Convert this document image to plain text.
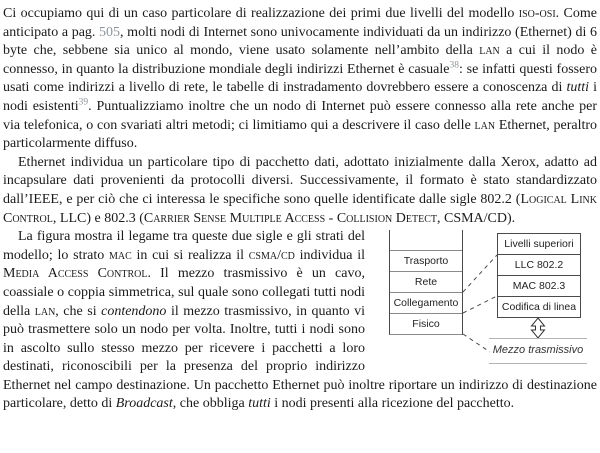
Ci occupiamo qui di un caso particolare di realizzazione dei primi due livelli del modello iso-osi. Come anticipato a pag. 505, molti nodi di Internet sono univocamente individuati da un indirizzo (Ethernet) di 6 byte che, sebbene sia unico al mondo, viene usato solamente nell’ambito della lan a cui il nodo è connesso, in quanto la distribuzione mondiale degli indirizzi Ethernet è casuale$^{38}$: se infatti questi fossero usati come indirizzi a livello di rete, le tabelle di instradamento dovrebbero essere a conoscenza di tutti i nodi esistenti$^{39}$. Puntualizziamo inoltre che un nodo di Internet può essere connesso alla rete anche per via telefonica, o con svariati altri metodi; ci limitiamo qui a descrivere il caso delle lan Ethernet, peraltro particolarmente diffuso.

Ethernet individua un particolare tipo di pacchetto dati, adottato inizialmente dalla Xerox, adatto ad incapsulare dati provenienti da protocolli diversi. Successivamente, il formato è stato standardizzato dall’IEEE, e per ciò che ci interessa le specifiche sono quelle identificate dalle sigle 802.2 (Logical Link Control, LLC) e 802.3 (Carrier Sense Multiple Access - Collision Detect, CSMA/CD).

Trasporto
Rete
Collegamento
Fisico
Livelli superiori
LLC 802.2
MAC 802.3
Codifica di linea
Mezzo trasmissivo

La figura mostra il legame tra queste due sigle e gli strati del modello; lo strato mac in cui si realizza il csma/cd individua il Media Access Control. Il mezzo trasmissivo è un cavo, coassiale o coppia simmetrica, sul quale sono collegati tutti nodi della lan, che si contendono il mezzo trasmissivo, in quanto vi può trasmettere solo un nodo per volta. Inoltre, tutti i nodi sono in ascolto sullo stesso mezzo per ricevere i pacchetti a loro destinati, riconoscibili per la presenza del proprio indirizzo Ethernet nel campo destinazione. Un pacchetto Ethernet può inoltre riportare un indirizzo di destinazione particolare, detto di Broadcast, che obbliga tutti i nodi presenti alla ricezione del pacchetto.
